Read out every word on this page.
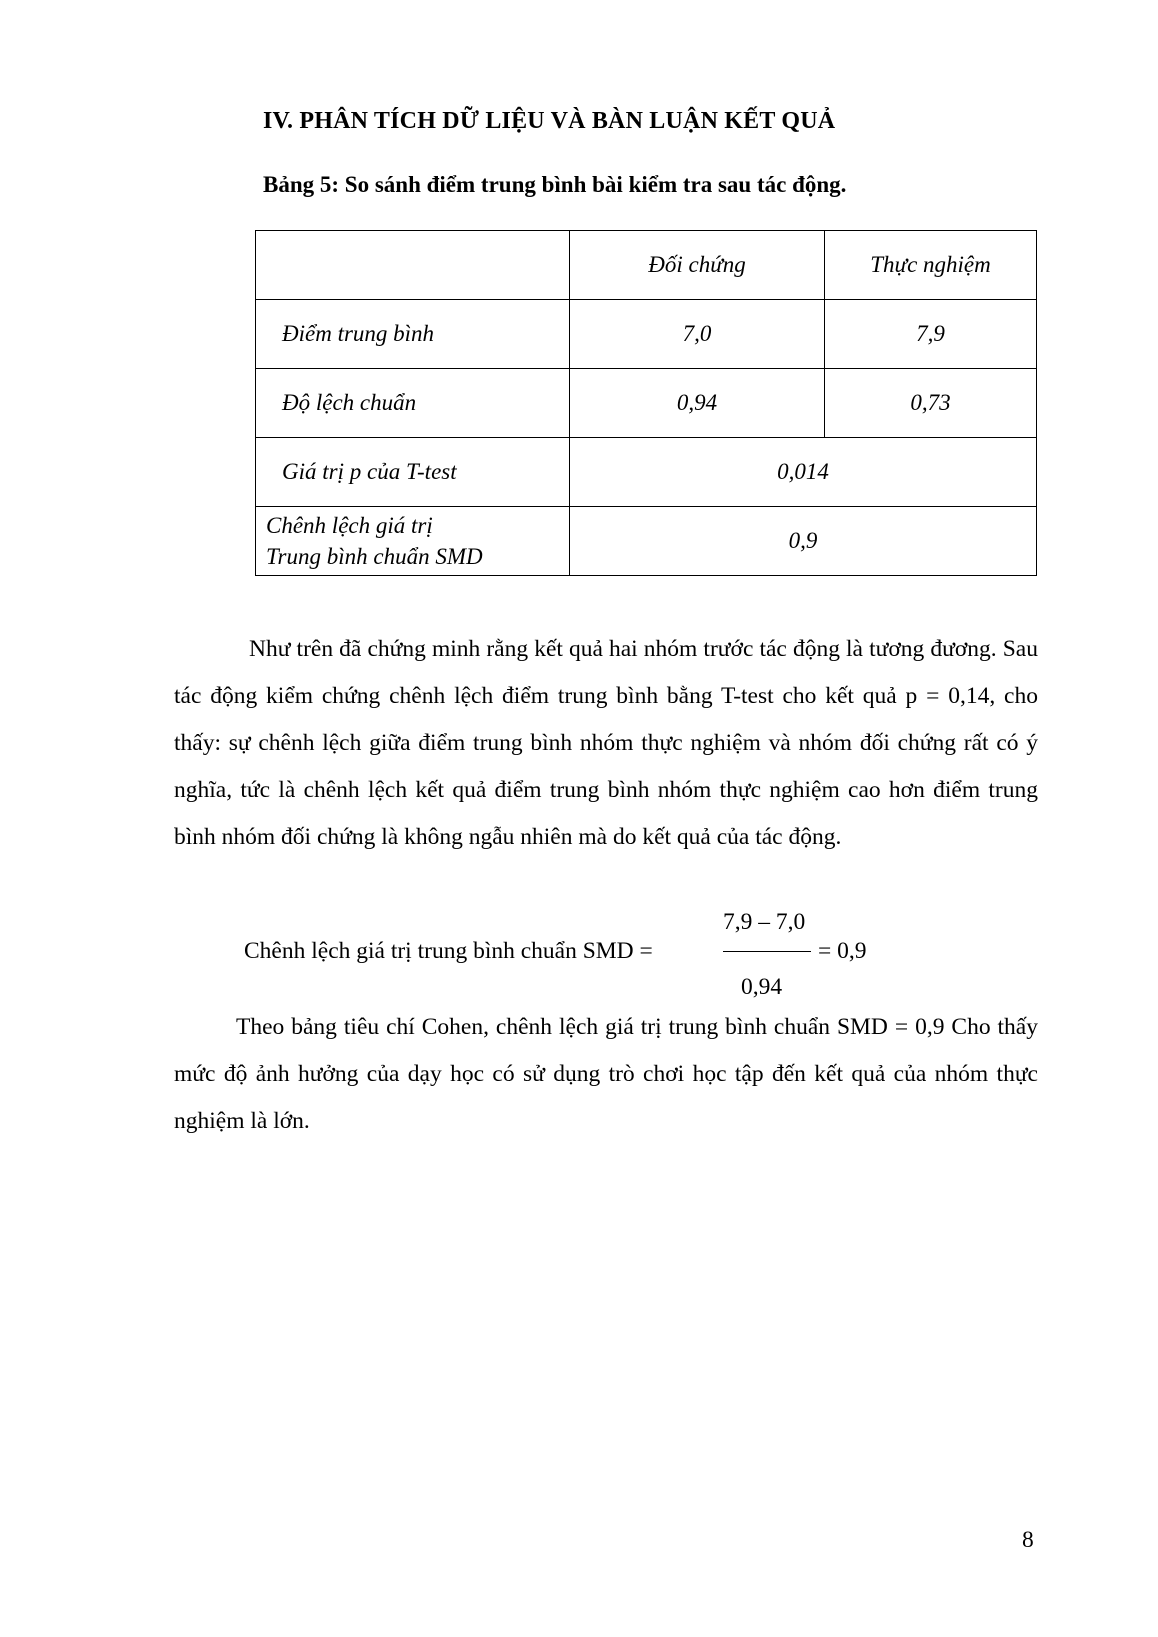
IV. PHÂN TÍCH DỮ LIỆU VÀ BÀN LUẬN KẾT QUẢ
Bảng 5: So sánh điểm trung bình bài kiểm tra sau tác động.
	Đối chứng	Thực nghiệm
Điểm trung bình	7,0	7,9
Độ lệch chuẩn	0,94	0,73
Giá trị p của T-test	0,014	

Chênh lệch giá trị
Trung bình chuẩn SMD	0,9	

Như trên đã chứng minh rằng kết quả hai nhóm trước tác động là tương đương. Sau tác động kiểm chứng chênh lệch điểm trung bình bằng T-test cho kết quả p = 0,14, cho thấy: sự chênh lệch giữa điểm trung bình nhóm thực nghiệm và nhóm đối chứng rất có ý nghĩa, tức là chênh lệch kết quả điểm trung bình nhóm thực nghiệm cao hơn điểm trung bình nhóm đối chứng là không ngẫu nhiên mà do kết quả của tác động.

Chênh lệch giá trị trung bình chuẩn SMD =
7,9 – 7,0
0,94
= 0,9

Theo bảng tiêu chí Cohen, chênh lệch giá trị trung bình chuẩn SMD = 0,9 Cho thấy mức độ ảnh hưởng của dạy học có sử dụng trò chơi học tập đến kết quả của nhóm thực nghiệm là lớn.

8
